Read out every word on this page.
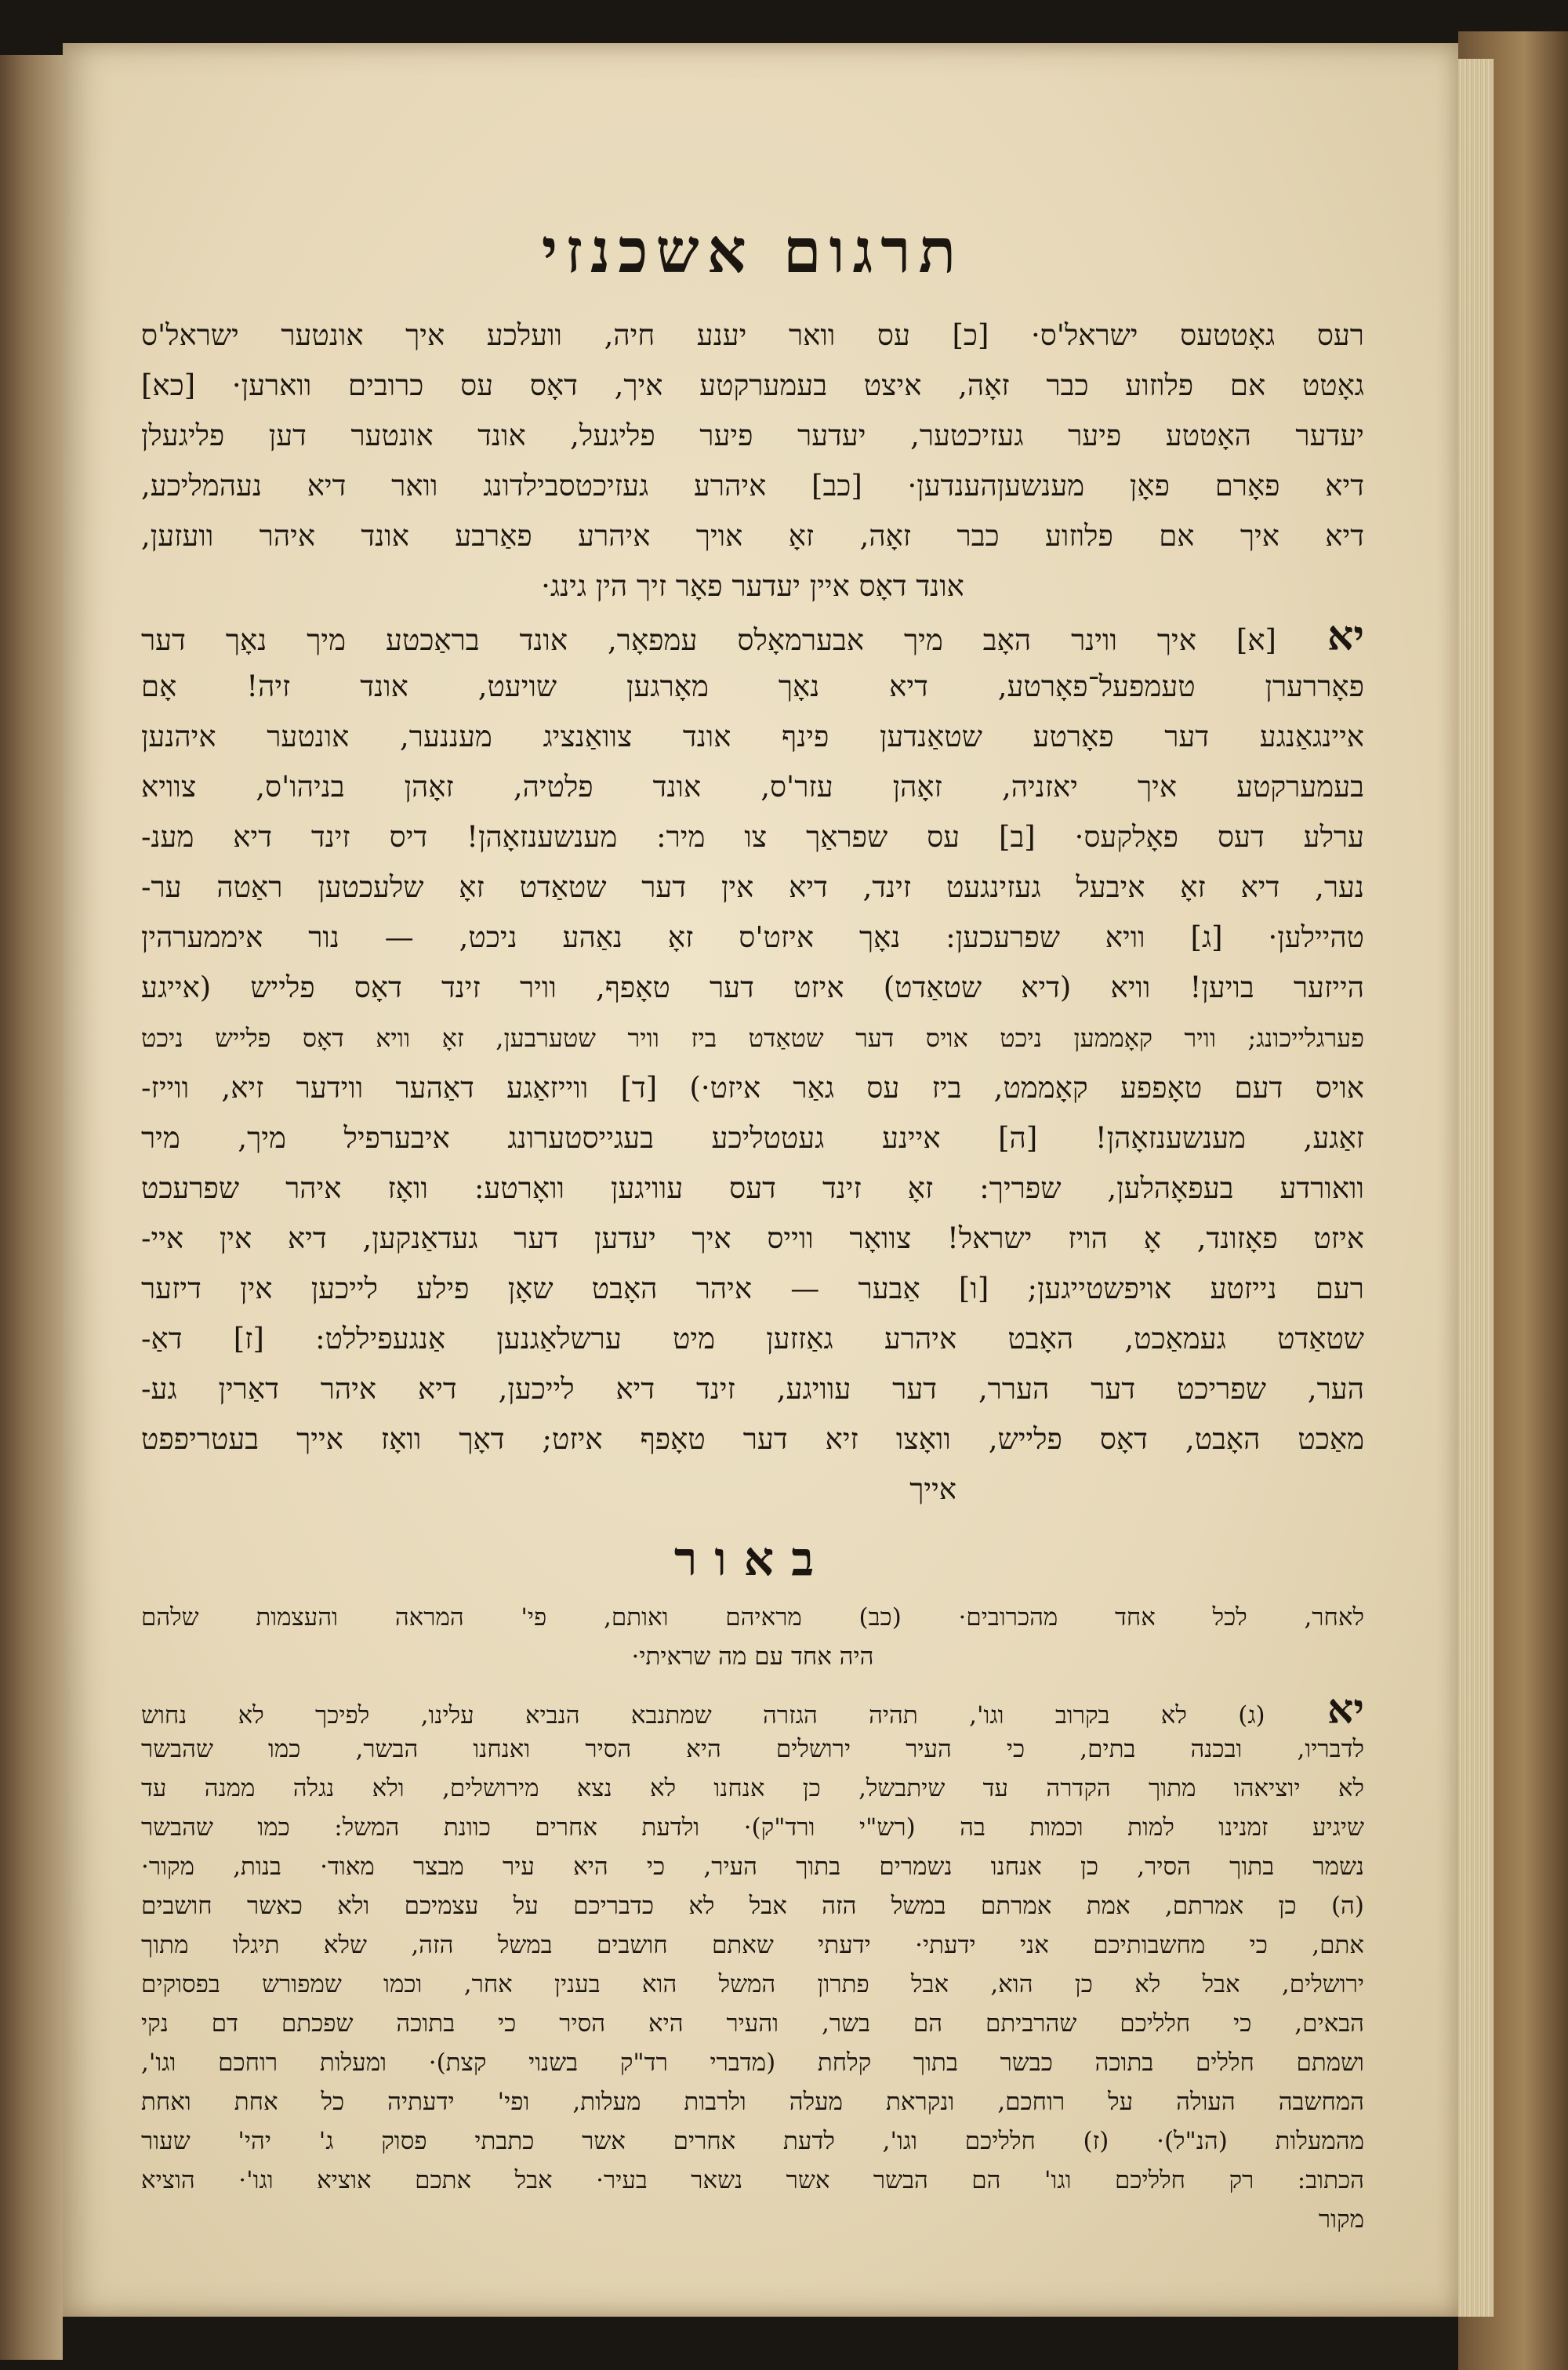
תרגום אשכנזי
רעס גאָטטעס ישראל'ס· [כ] עס וואר יענע חיה, וועלכע איך אונטער ישראל'ס
גאָטט אם פלוזוע כבר זאָה, איצט בעמערקטע איך, דאָס עס כרובים ווארען· [כא]
יעדער האָטטע פיער געזיכטער, יעדער פיער פליגעל, אונד אונטער דען פליגעלן
דיא פאָרם פאָן מענשעןהענדען· [כב] איהרע געזיכטסבילדונג וואר דיא נעהמליכע,
דיא איך אם פלוזוע כבר זאָה, זאָ אויך איהרע פאַרבע אונד איהר וועזען,
אונד דאָס איין יעדער פאָר זיך הין גינג·
יא [א] איך ווינר האָב מיך אבערמאָלס עמפאָר, אונד בראַכטע מיך נאָך דער
פאָררערן טעמפעל־פאָרטע, דיא נאָך מאָרגען שויעט, אונד זיה! אָם
איינגאַנגע דער פאָרטע שטאַנדען פינף אונד צוואַנציג מעננער, אונטער איהנען
בעמערקטע איך יאזניה, זאָהן עזר'ס, אונד פלטיה, זאָהן בניהו'ס, צוויא
ערלע דעס פאָלקעס· [ב] עס שפראַך צו מיר: מענשענזאָהן! דיס זינד דיא מענ-
נער, דיא זאָ איבעל געזינגעט זינד, דיא אין דער שטאַדט זאָ שלעכטען ראַטה ער-
טהיילען· [ג] וויא שפרעכען: נאָך איזט'ס זאָ נאַהע ניכט, — נור איממערהין
הייזער בויען! וויא (דיא שטאַדט) איזט דער טאָפף, וויר זינד דאָס פלייש (אייגע
פערגלייכונג; וויר קאָממען ניכט אויס דער שטאַדט ביז וויר שטערבען, זאָ וויא דאָס פלייש ניכט
אויס דעם טאָפפע קאָממט, ביז עס גאַר איזט·) [ד] ווייזאַגע דאַהער ווידער זיא, ווייז-
זאַגע, מענשענזאָהן! [ה] איינע געטטליכע בעגייסטערונג איבערפיל מיך, מיר
וואורדע בעפאָהלען, שפריך: זאָ זינד דעס עוויגען וואָרטע: וואָז איהר שפרעכט
איזט פאָזונד, אָ הויז ישראל! צוואָר ווייס איך יעדען דער געדאַנקען, דיא אין איי-
רעם נייזטע אויפשטייגען; [ו] אַבער — איהר האָבט שאָן פילע לייכען אין דיזער
שטאַדט געמאַכט, האָבט איהרע גאַזזען מיט ערשלאַגנען אַנגעפיללט: [ז] דאַ-
הער, שפריכט דער הערר, דער עוויגע, זינד דיא לייכען, דיא איהר דאַרין גע-
מאַכט האָבט, דאָס פלייש, וואָצו זיא דער טאָפף איזט; דאָך וואָז אייך בעטריפפט
אייך
באור
לאחר, לכל אחד מהכרובים· (כב) מראיהם ואותם, פי' המראה והעצמות שלהם
היה אחד עם מה שראיתי·
יא (ג) לא בקרוב וגו', תהיה הגזרה שמתנבא הנביא עלינו, לפיכך לא נחוש
לדבריו, ובכנה בתים, כי העיר ירושלים היא הסיר ואנחנו הבשר, כמו שהבשר
לא יוציאהו מתוך הקדרה עד שיתבשל, כן אנחנו לא נצא מירושלים, ולא נגלה ממנה עד
שיגיע זמנינו למות וכמות בה (רש"י ורד"ק)· ולדעת אחרים כוונת המשל: כמו שהבשר
נשמר בתוך הסיר, כן אנחנו נשמרים בתוך העיר, כי היא עיר מבצר מאוד· בנות, מקור·
(ה) כן אמרתם, אמת אמרתם במשל הזה אבל לא כדבריכם על עצמיכם ולא כאשר חושבים
אתם, כי מחשבותיכם אני ידעתי· ידעתי שאתם חושבים במשל הזה, שלא תיגלו מתוך
ירושלים, אבל לא כן הוא, אבל פתרון המשל הוא בענין אחר, וכמו שמפורש בפסוקים
הבאים, כי חלליכם שהרביתם הם בשר, והעיר היא הסיר כי בתוכה שפכתם דם נקי
ושמתם חללים בתוכה כבשר בתוך קלחת (מדברי רד"ק בשנוי קצת)· ומעלות רוחכם וגו',
המחשבה העולה על רוחכם, ונקראת מעלה ולרבות מעלות, ופי' ידעתיה כל אחת ואחת
מהמעלות (הנ"ל)· (ז) חלליכם וגו', לדעת אחרים אשר כתבתי פסוק ג' יהי' שעור
הכתוב: רק חלליכם וגו' הם הבשר אשר נשאר בעיר· אבל אתכם אוציא וגו'· הוציא
מקור
